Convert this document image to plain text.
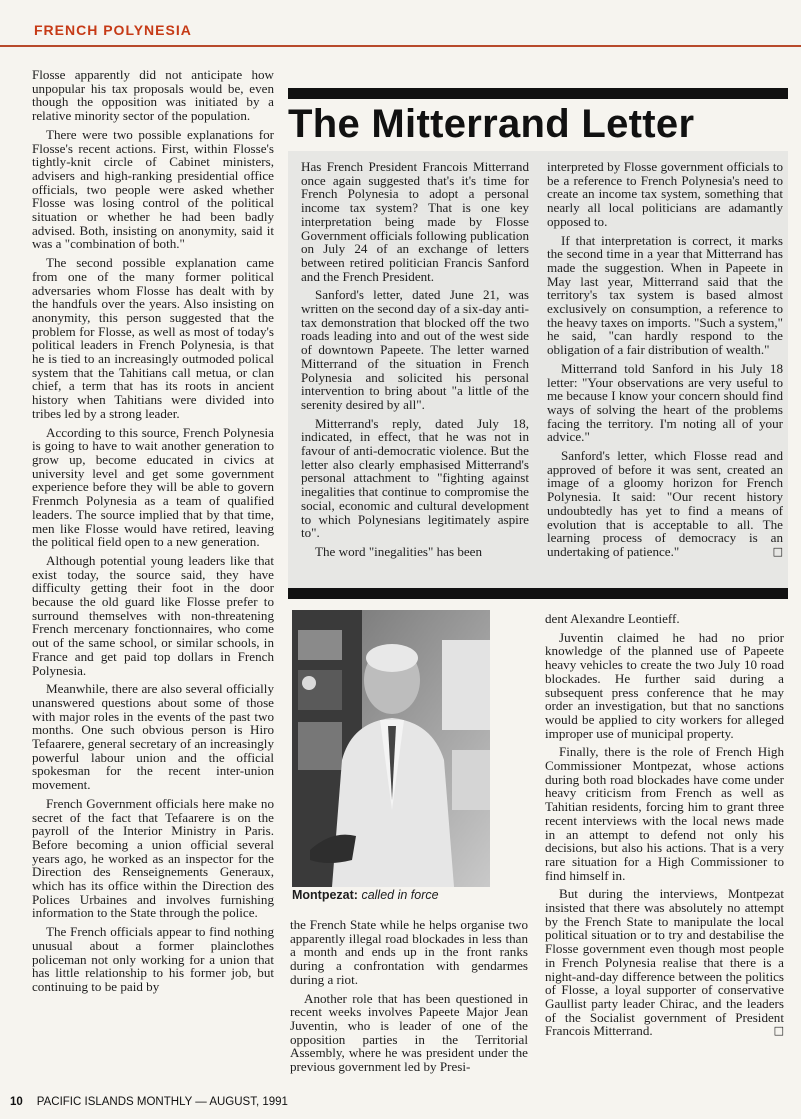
FRENCH POLYNESIA

Flosse apparently did not anticipate how unpopular his tax proposals would be, even though the opposition was initiated by a relative minority sector of the population.

There were two possible explanations for Flosse's recent actions. First, within Flosse's tightly-knit circle of Cabinet ministers, advisers and high-ranking presidential office officials, two people were asked whether Flosse was losing control of the political situation or whether he had been badly advised. Both, insisting on anonymity, said it was a "combination of both."

The second possible explanation came from one of the many former political adversaries whom Flosse has dealt with by the handfuls over the years. Also insisting on anonymity, this person suggested that the problem for Flosse, as well as most of today's political leaders in French Polynesia, is that he is tied to an increasingly outmoded polical system that the Tahitians call metua, or clan chief, a term that has its roots in ancient history when Tahitians were divided into tribes led by a strong leader.

According to this source, French Polynesia is going to have to wait another generation to grow up, become educated in civics at university level and get some government experience before they will be able to govern Frenmch Polynesia as a team of qualified leaders. The source implied that by that time, men like Flosse would have retired, leaving the political field open to a new generation.

Although potential young leaders like that exist today, the source said, they have difficulty getting their foot in the door because the old guard like Flosse prefer to surround themselves with non-threatening French mercenary fonctionnaires, who come out of the same school, or similar schools, in France and get paid top dollars in French Polynesia.

Meanwhile, there are also several officially unanswered questions about some of those with major roles in the events of the past two months. One such obvious person is Hiro Tefaarere, general secretary of an increasingly powerful labour union and the official spokesman for the recent inter-union movement.

French Government officials here make no secret of the fact that Tefaarere is on the payroll of the Interior Ministry in Paris. Before becoming a union official several years ago, he worked as an inspector for the Direction des Renseignements Generaux, which has its office within the Direction des Polices Urbaines and involves furnishing information to the State through the police.

The French officials appear to find nothing unusual about a former plainclothes policeman not only working for a union that has little relationship to his former job, but continuing to be paid by

The Mitterrand Letter

Has French President Francois Mitterrand once again suggested that's it's time for French Polynesia to adopt a personal income tax system? That is one key interpretation being made by Flosse Government officials following publication on July 24 of an exchange of letters between retired politician Francis Sanford and the French President.

Sanford's letter, dated June 21, was written on the second day of a six-day anti-tax demonstration that blocked off the two roads leading into and out of the west side of downtown Papeete. The letter warned Mitterrand of the situation in French Polynesia and solicited his personal intervention to bring about "a little of the serenity desired by all".

Mitterrand's reply, dated July 18, indicated, in effect, that he was not in favour of anti-democratic violence. But the letter also clearly emphasised Mitterrand's personal attachment to "fighting against inegalities that continue to compromise the social, economic and cultural development to which Polynesians legitimately aspire to".

The word "inegalities" has been

interpreted by Flosse government officials to be a reference to French Polynesia's need to create an income tax system, something that nearly all local politicians are adamantly opposed to.

If that interpretation is correct, it marks the second time in a year that Mitterrand has made the suggestion. When in Papeete in May last year, Mitterrand said that the territory's tax system is based almost exclusively on consumption, a reference to the heavy taxes on imports. "Such a system," he said, "can hardly respond to the obligation of a fair distribution of wealth."

Mitterrand told Sanford in his July 18 letter: "Your observations are very useful to me because I know your concern should find ways of solving the heart of the problems facing the territory. I'm noting all of your advice."

Sanford's letter, which Flosse read and approved of before it was sent, created an image of a gloomy horizon for French Polynesia. It said: "Our recent history undoubtedly has yet to find a means of evolution that is acceptable to all. The learning process of democracy is an undertaking of patience."	□

Montpezat: called in force

the French State while he helps organise two apparently illegal road blockades in less than a month and ends up in the front ranks during a confrontation with gendarmes during a riot.

Another role that has been questioned in recent weeks involves Papeete Major Jean Juventin, who is leader of one of the opposition parties in the Territorial Assembly, where he was president under the previous government led by Presi-

dent Alexandre Leontieff.

Juventin claimed he had no prior knowledge of the planned use of Papeete heavy vehicles to create the two July 10 road blockades. He further said during a subsequent press conference that he may order an investigation, but that no sanctions would be applied to city workers for alleged improper use of municipal property.

Finally, there is the role of French High Commissioner Montpezat, whose actions during both road blockades have come under heavy criticism from French as well as Tahitian residents, forcing him to grant three recent interviews with the local news made in an attempt to defend not only his decisions, but also his actions. That is a very rare situation for a High Commissioner to find himself in.

But during the interviews, Montpezat insisted that there was absolutely no attempt by the French State to manipulate the local political situation or to try and destabilise the Flosse government even though most people in French Polynesia realise that there is a night-and-day difference between the politics of Flosse, a loyal supporter of conservative Gaullist party leader Chirac, and the leaders of the Socialist government of President Francois Mitterrand.	□

10 PACIFIC ISLANDS MONTHLY — AUGUST, 1991
